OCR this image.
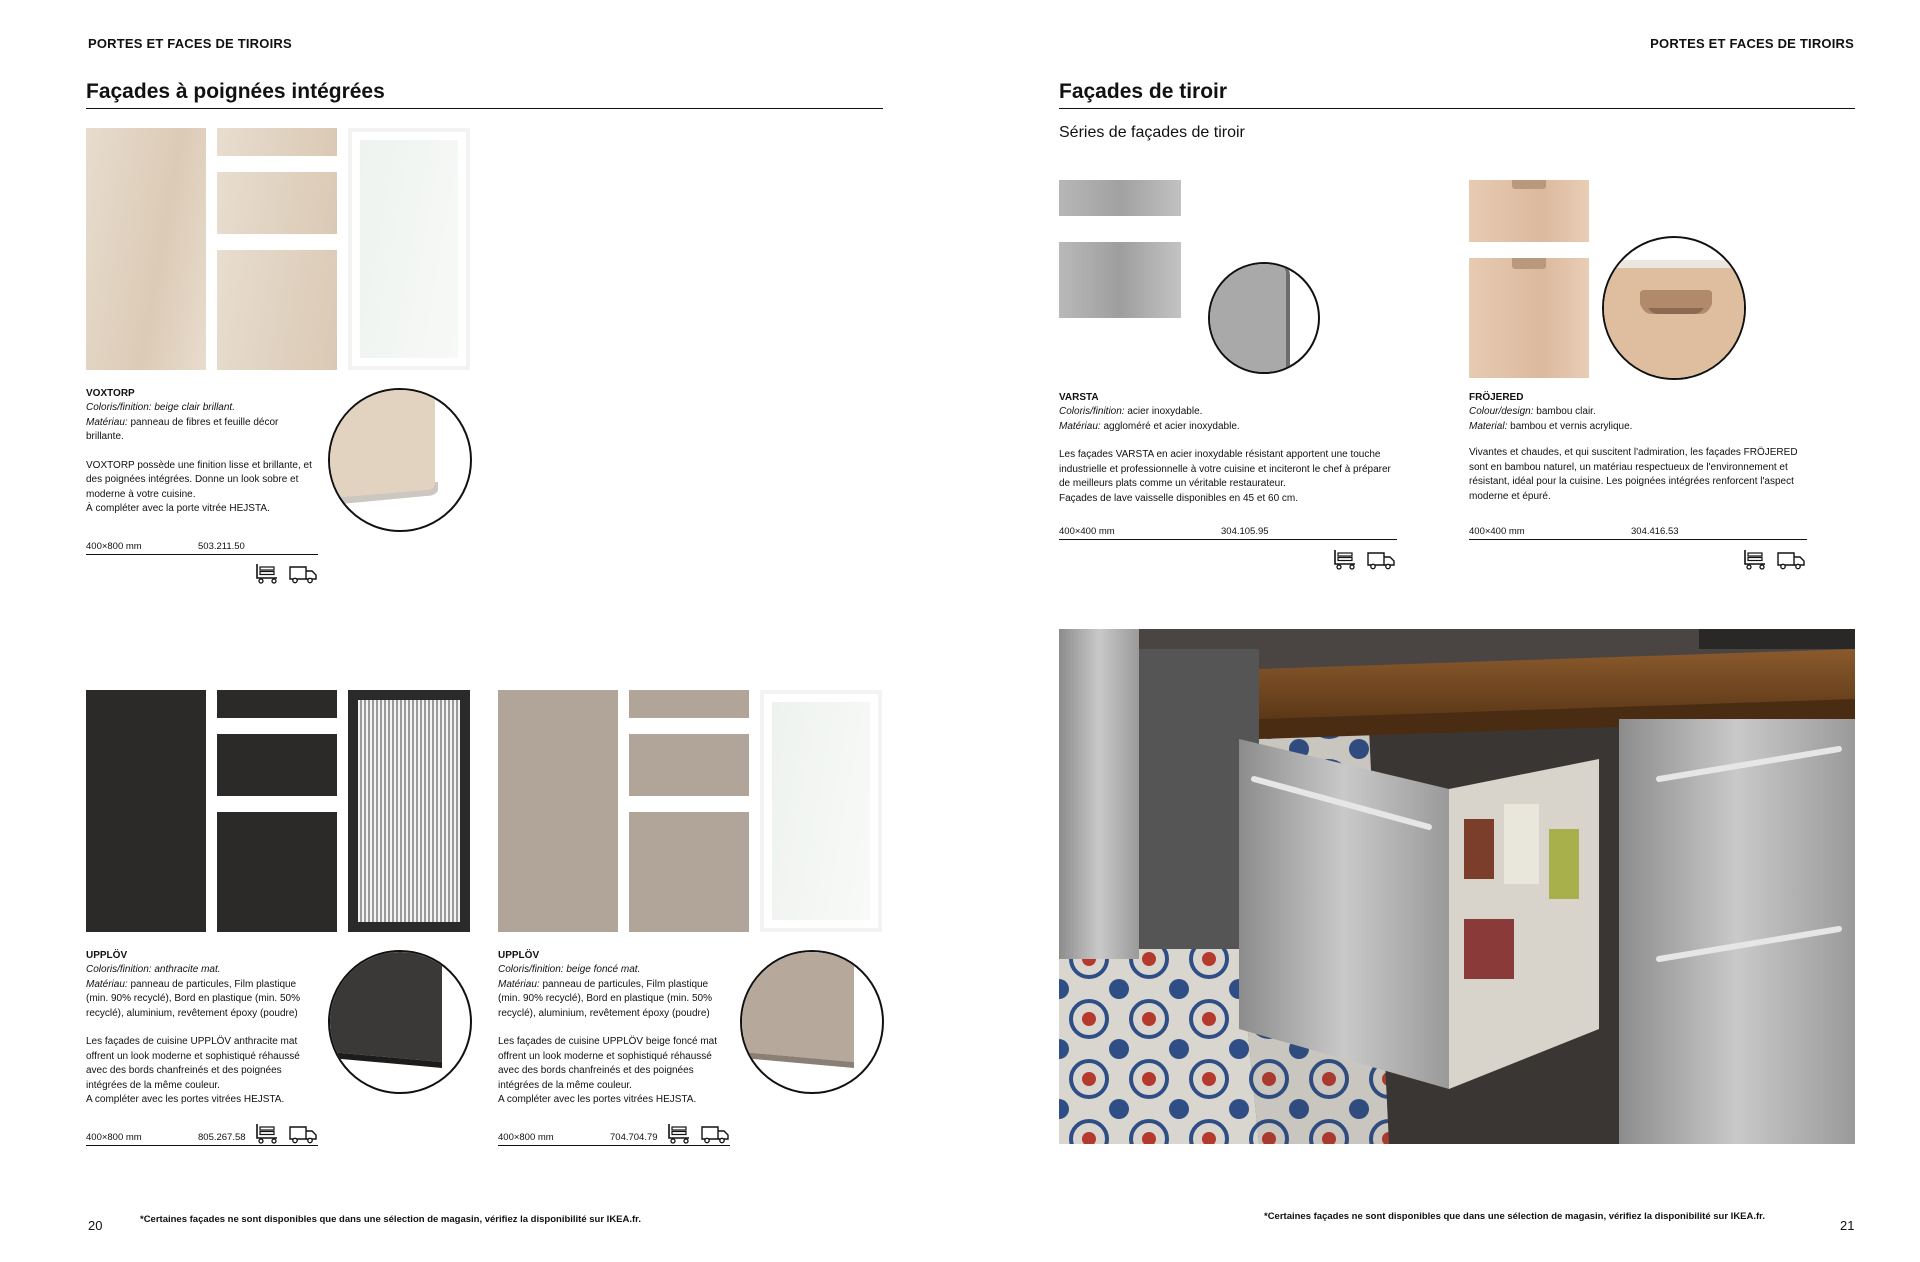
PORTES ET FACES DE TIROIRS
Façades à poignées intégrées
VOXTORP
Coloris/finition: beige clair brillant.
Matériau: panneau de fibres et feuille décor brillante.
VOXTORP possède une finition lisse et brillante, et des poignées intégrées. Donne un look sobre et moderne à votre cuisine.
À compléter avec la porte vitrée HEJSTA.
400×800 mm	503.211.50
UPPLÖV
Coloris/finition: anthracite mat.
Matériau: panneau de particules, Film plastique (min. 90% recyclé), Bord en plastique (min. 50% recyclé), aluminium, revêtement époxy (poudre)
Les façades de cuisine UPPLÖV anthracite mat offrent un look moderne et sophistiqué réhaussé avec des bords chanfreinés et des poignées intégrées de la même couleur.
A compléter avec les portes vitrées HEJSTA.
400×800 mm	805.267.58
UPPLÖV
Coloris/finition: beige foncé mat.
Matériau: panneau de particules, Film plastique (min. 90% recyclé), Bord en plastique (min. 50% recyclé), aluminium, revêtement époxy (poudre)
Les façades de cuisine UPPLÖV beige foncé mat offrent un look moderne et sophistiqué réhaussé avec des bords chanfreinés et des poignées intégrées de la même couleur.
A compléter avec les portes vitrées HEJSTA.
400×800 mm	704.704.79
20	*Certaines façades ne sont disponibles que dans une sélection de magasin, vérifiez la disponibilité sur IKEA.fr.
PORTES ET FACES DE TIROIRS
Façades de tiroir
Séries de façades de tiroir
VARSTA
Coloris/finition: acier inoxydable.
Matériau: aggloméré et acier inoxydable.
Les façades VARSTA en acier inoxydable résistant apportent une touche industrielle et professionnelle à votre cuisine et inciteront le chef à préparer de meilleurs plats comme un véritable restaurateur.
Façades de lave vaisselle disponibles en 45 et 60 cm.
400×400 mm	304.105.95
FRÖJERED
Colour/design: bambou clair.
Material: bambou et vernis acrylique.
Vivantes et chaudes, et qui suscitent l'admiration, les façades FRÖJERED sont en bambou naturel, un matériau respectueux de l'environnement et résistant, idéal pour la cuisine. Les poignées intégrées renforcent l'aspect moderne et épuré.
400×400 mm	304.416.53
*Certaines façades ne sont disponibles que dans une sélection de magasin, vérifiez la disponibilité sur IKEA.fr.
21
